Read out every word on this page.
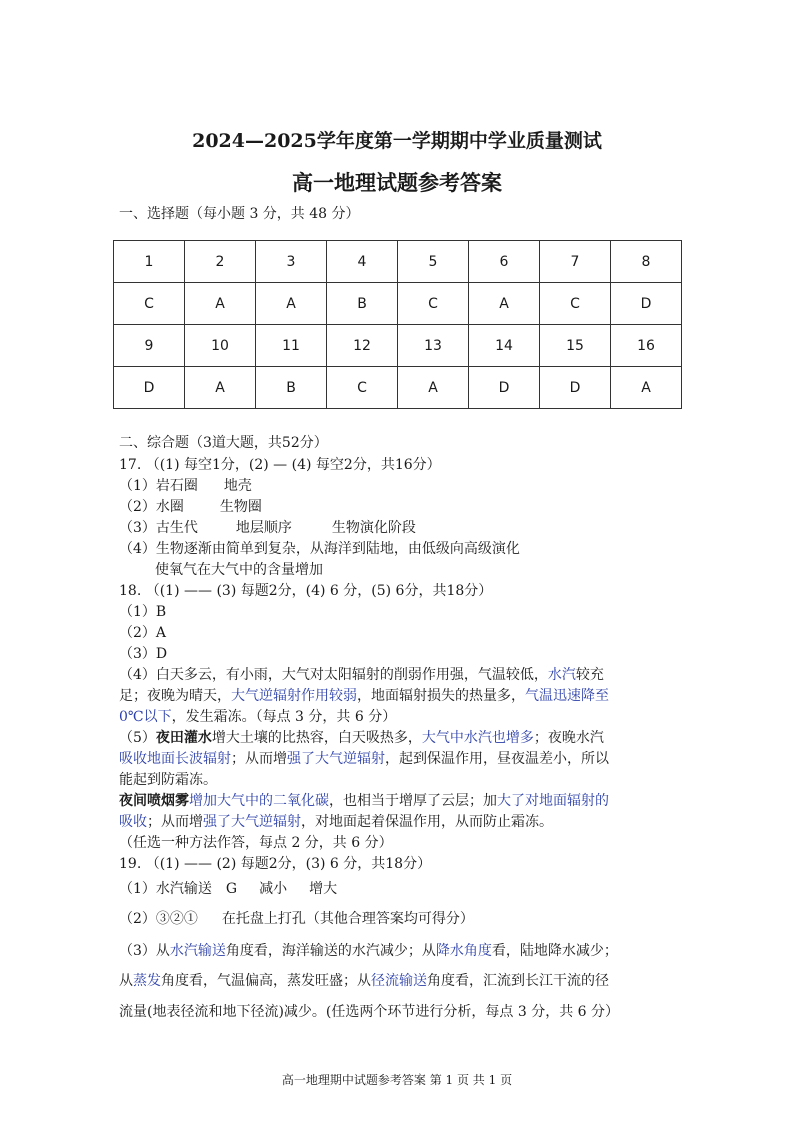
2024—2025学年度第一学期期中学业质量测试
高一地理试题参考答案
一、选择题（每小题 3 分，共 48 分）
1	2	3	4	5	6	7	8
C	A	A	B	C	A	C	D
9	10	11	12	13	14	15	16
D	A	B	C	A	D	D	A
二、综合题（3道大题，共52分）
17. （(1) 每空1分，(2) — (4) 每空2分，共16分）
（1）岩石圈 地壳
（2）水圈	生物圈
（3）古生代	地层顺序	生物演化阶段
（4）生物逐渐由简单到复杂，从海洋到陆地，由低级向高级演化
使氧气在大气中的含量增加
18. （(1) —— (3) 每题2分，(4) 6 分，(5) 6分，共18分）
（1）B
（2）A
（3）D
（4）白天多云，有小雨，大气对太阳辐射的削弱作用强，气温较低，水汽较充
足；夜晚为晴天，大气逆辐射作用较弱，地面辐射损失的热量多，气温迅速降至
0℃以下，发生霜冻。（每点 3 分，共 6 分）
（5）夜田灌水增大土壤的比热容，白天吸热多，大气中水汽也增多；夜晚水汽
吸收地面长波辐射；从而增强了大气逆辐射，起到保温作用，昼夜温差小，所以
能起到防霜冻。
夜间喷烟雾增加大气中的二氧化碳，也相当于增厚了云层；加大了对地面辐射的
吸收；从而增强了大气逆辐射，对地面起着保温作用，从而防止霜冻。
（任选一种方法作答，每点 2 分，共 6 分）
19. （(1) —— (2) 每题2分，(3) 6 分，共18分）
（1）水汽输送 G 减小 增大
（2）③②① 在托盘上打孔（其他合理答案均可得分）
（3）从水汽输送角度看，海洋输送的水汽减少；从降水角度看，陆地降水减少；
从蒸发角度看，气温偏高，蒸发旺盛；从径流输送角度看，汇流到长江干流的径
流量(地表径流和地下径流)减少。(任选两个环节进行分析，每点 3 分，共 6 分）
高一地理期中试题参考答案 第 1 页 共 1 页
